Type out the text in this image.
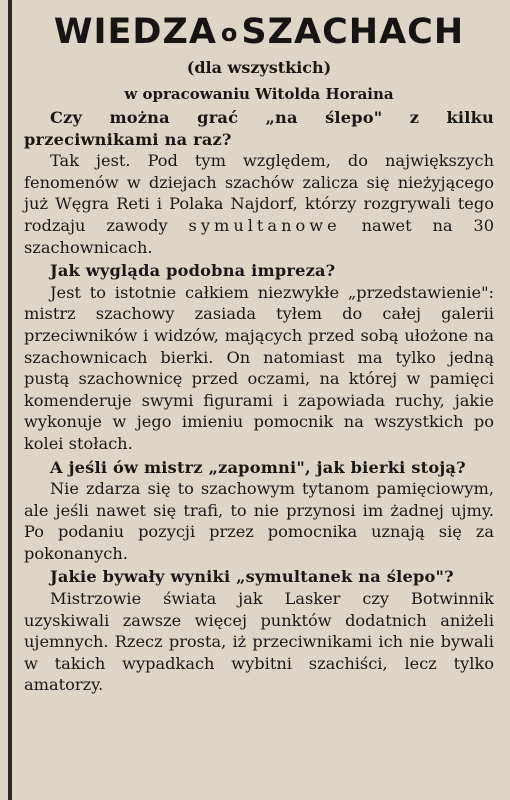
WIEDZA o SZACHACH
(dla wszystkich)
w opracowaniu Witolda Horaina

Czy można grać „na ślepo" z kilku przeciwnikami na raz?

Tak jest. Pod tym względem, do największych fenomenów w dziejach szachów zalicza się nieżyjącego już Węgra Reti i Polaka Najdorf, którzy rozgrywali tego rodzaju zawody symultanowe nawet na 30 szachownicach.

Jak wygląda podobna impreza?

Jest to istotnie całkiem niezwykłe „przedstawienie": mistrz szachowy zasiada tyłem do całej galerii przeciwników i widzów, mających przed sobą ułożone na szachownicach bierki. On natomiast ma tylko jedną pustą szachownicę przed oczami, na której w pamięci komenderuje swymi figurami i zapowiada ruchy, jakie wykonuje w jego imieniu pomocnik na wszystkich po kolei stołach.

A jeśli ów mistrz „zapomni", jak bierki stoją?

Nie zdarza się to szachowym tytanom pamięciowym, ale jeśli nawet się trafi, to nie przynosi im żadnej ujmy. Po podaniu pozycji przez pomocnika uznają się za pokonanych.

Jakie bywały wyniki „symultanek na ślepo"?

Mistrzowie świata jak Lasker czy Botwinnik uzyskiwali zawsze więcej punktów dodatnich aniżeli ujemnych. Rzecz prosta, iż przeciwnikami ich nie bywali w takich wypadkach wybitni szachiści, lecz tylko amatorzy.
